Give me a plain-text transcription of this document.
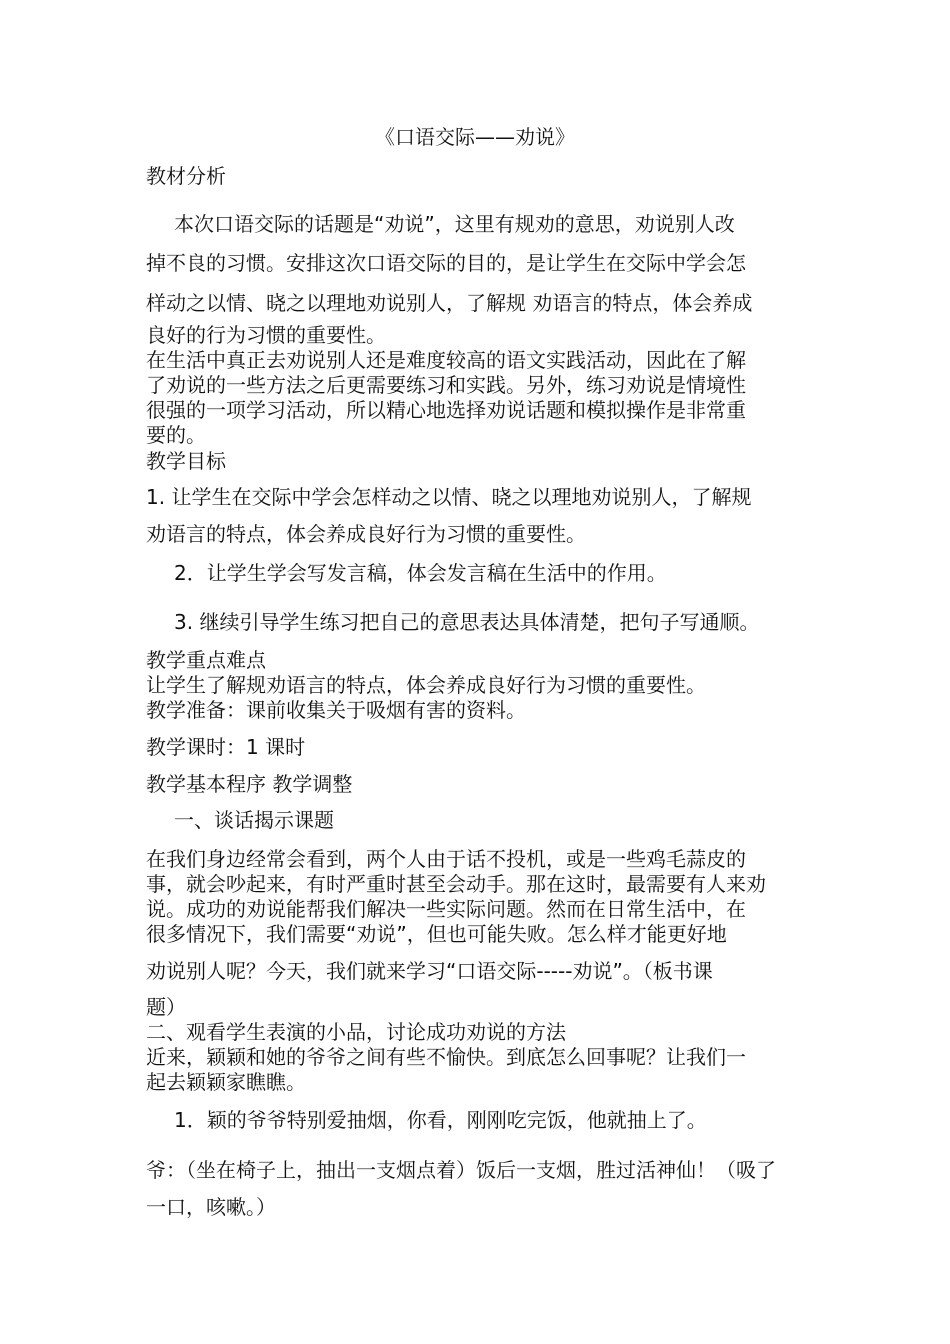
《口语交际——劝说》
教材分析
本次口语交际的话题是“劝说”，这里有规劝的意思，劝说别人改
掉不良的习惯。安排这次口语交际的目的，是让学生在交际中学会怎
样动之以情、晓之以理地劝说别人，了解规 劝语言的特点，体会养成
良好的行为习惯的重要性。
在生活中真正去劝说别人还是难度较高的语文实践活动，因此在了解
了劝说的一些方法之后更需要练习和实践。另外，练习劝说是情境性
很强的一项学习活动，所以精心地选择劝说话题和模拟操作是非常重
要的。
教学目标
1. 让学生在交际中学会怎样动之以情、晓之以理地劝说别人，了解规
劝语言的特点，体会养成良好行为习惯的重要性。
2．让学生学会写发言稿，体会发言稿在生活中的作用。
3. 继续引导学生练习把自己的意思表达具体清楚，把句子写通顺。
教学重点难点
让学生了解规劝语言的特点，体会养成良好行为习惯的重要性。
教学准备：课前收集关于吸烟有害的资料。
教学课时：1 课时
教学基本程序 教学调整
一、谈话揭示课题
在我们身边经常会看到，两个人由于话不投机，或是一些鸡毛蒜皮的
事，就会吵起来，有时严重时甚至会动手。那在这时，最需要有人来劝
说。成功的劝说能帮我们解决一些实际问题。然而在日常生活中，在
很多情况下，我们需要“劝说”，但也可能失败。怎么样才能更好地
劝说别人呢？今天，我们就来学习“口语交际-----劝说”。（板书课
题）
二、观看学生表演的小品，讨论成功劝说的方法
近来，颖颖和她的爷爷之间有些不愉快。到底怎么回事呢？让我们一
起去颖颖家瞧瞧。
1．颖的爷爷特别爱抽烟，你看，刚刚吃完饭，他就抽上了。
爷：（坐在椅子上，抽出一支烟点着）饭后一支烟，胜过活神仙！（吸了
一口，咳嗽。）
